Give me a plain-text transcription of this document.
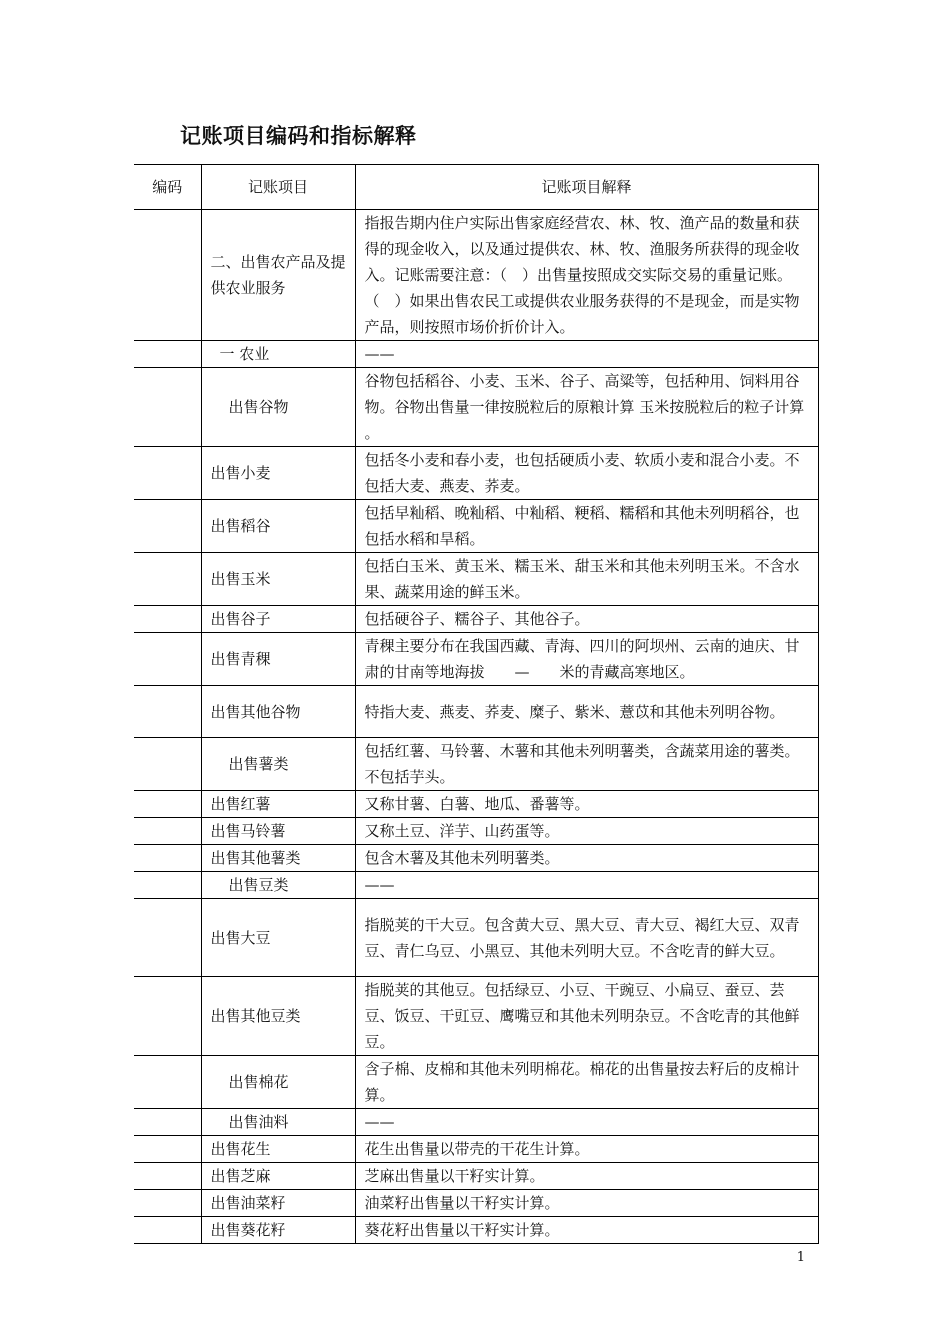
记账项目编码和指标解释
编码	记账项目	记账项目解释
	二、出售农产品及提供农业服务	指报告期内住户实际出售家庭经营农、林、牧、渔产品的数量和获得的现金收入，以及通过提供农、林、牧、渔服务所获得的现金收入。记账需要注意：（　）出售量按照成交实际交易的重量记账。（　）如果出售农民工或提供农业服务获得的不是现金，而是实物产品，则按照市场价折价计入。
	一 农业	——
	出售谷物	谷物包括稻谷、小麦、玉米、谷子、高粱等，包括种用、饲料用谷物。谷物出售量一律按脱粒后的原粮计算 玉米按脱粒后的粒子计算 。
	出售小麦	包括冬小麦和春小麦，也包括硬质小麦、软质小麦和混合小麦。不包括大麦、燕麦、荞麦。
	出售稻谷	包括早籼稻、晚籼稻、中籼稻、粳稻、糯稻和其他未列明稻谷，也包括水稻和旱稻。
	出售玉米	包括白玉米、黄玉米、糯玉米、甜玉米和其他未列明玉米。不含水果、蔬菜用途的鲜玉米。
	出售谷子	包括硬谷子、糯谷子、其他谷子。
	出售青稞	青稞主要分布在我国西藏、青海、四川的阿坝州、云南的迪庆、甘肃的甘南等地海拔　　—　　米的青藏高寒地区。
	出售其他谷物	特指大麦、燕麦、荞麦、糜子、紫米、薏苡和其他未列明谷物。
	出售薯类	包括红薯、马铃薯、木薯和其他未列明薯类，含蔬菜用途的薯类。不包括芋头。
	出售红薯	又称甘薯、白薯、地瓜、番薯等。
	出售马铃薯	又称土豆、洋芋、山药蛋等。
	出售其他薯类	包含木薯及其他未列明薯类。
	出售豆类	——
	出售大豆	指脱荚的干大豆。包含黄大豆、黑大豆、青大豆、褐红大豆、双青豆、青仁乌豆、小黑豆、其他未列明大豆。不含吃青的鲜大豆。
	出售其他豆类	指脱荚的其他豆。包括绿豆、小豆、干豌豆、小扁豆、蚕豆、芸豆、饭豆、干豇豆、鹰嘴豆和其他未列明杂豆。不含吃青的其他鲜豆。
	出售棉花	含子棉、皮棉和其他未列明棉花。棉花的出售量按去籽后的皮棉计算。
	出售油料	——
	出售花生	花生出售量以带壳的干花生计算。
	出售芝麻	芝麻出售量以干籽实计算。
	出售油菜籽	油菜籽出售量以干籽实计算。
	出售葵花籽	葵花籽出售量以干籽实计算。
1
